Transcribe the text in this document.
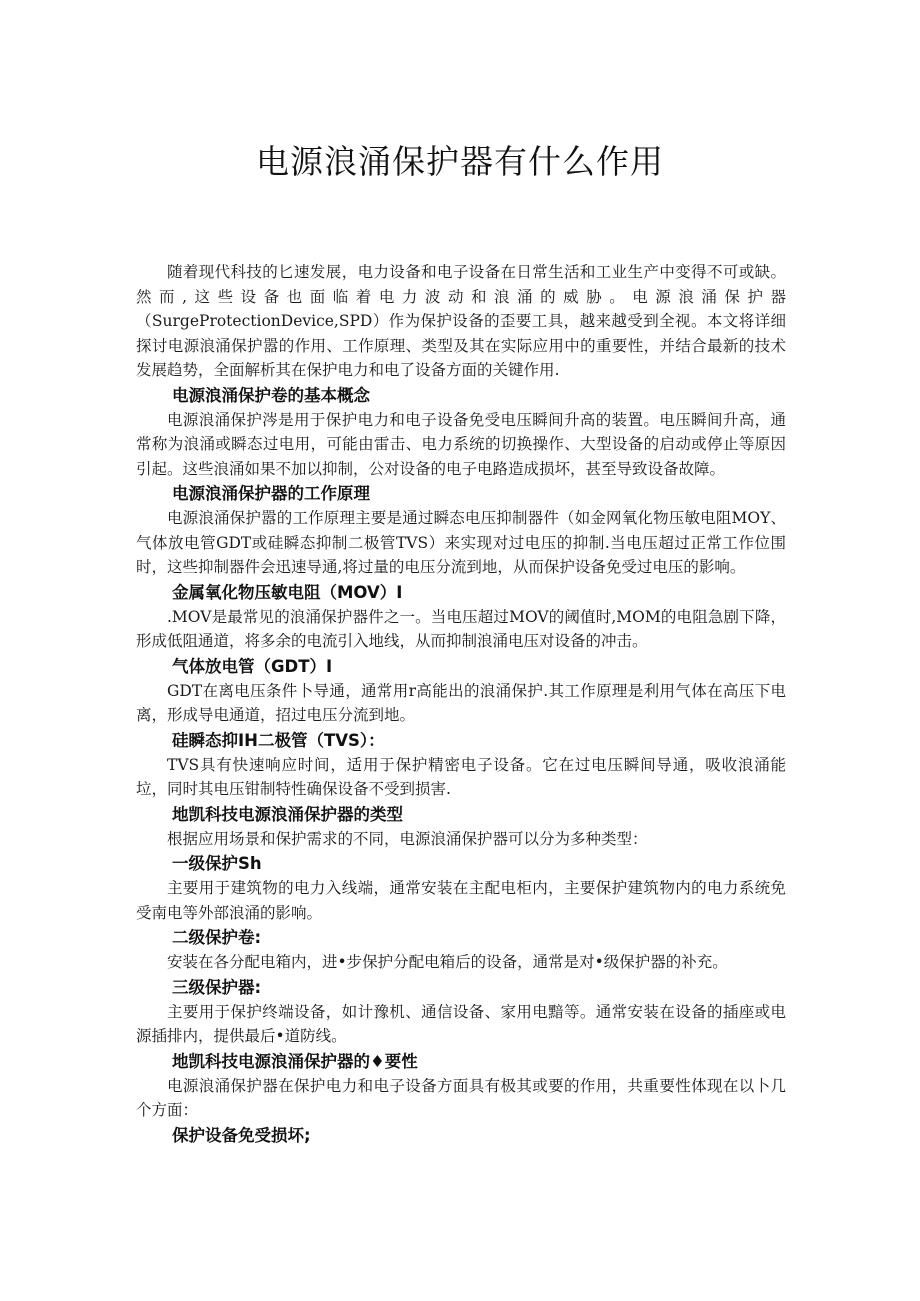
电源浪涌保护器有什么作用

随着现代科技的匕速发展，电力设备和电子设备在日常生活和工业生产中变得不可或缺。然而,这些设备也面临着电力波动和浪涌的威胁。电源浪涌保护器（SurgeProtectionDevice,SPD）作为保护设备的歪要工具，越来越受到全视。本文将详细探讨电源浪涌保护嚣的作用、工作原理、类型及其在实际应用中的重要性，并结合最新的技术发展趋势，全面解析其在保护电力和电了设备方面的关键作用.

电源浪涌保护卷的基本概念

电源浪涌保护涔是用于保护电力和电子设备免受电压瞬间升高的装置。电压瞬间升高，通常称为浪涌或瞬态过电用，可能由雷击、电力系统的切换操作、大型设备的启动或停止等原因引起。这些浪涌如果不加以抑制，公对设备的电子电路造成损坏，甚至导致设备故障。

电源浪涌保护器的工作原理

电源浪涌保护嚣的工作原理主要是通过瞬态电压抑制器件（如金网氧化物压敏电阻MOY、气体放电管GDT或硅瞬态抑制二极管TVS）来实现对过电压的抑制.当电压超过正常工作位围时，这些抑制器件会迅速导通,将过量的电压分流到地，从而保护设备免受过电压的影响。

金属氧化物压敏电阻（MOV）I

.MOV是最常见的浪涌保护器件之一。当电压超过MOV的阈值时,MOM的电阻急剧下降，形成低阻通道，将多余的电流引入地线，从而抑制浪涌电压对设备的冲击。

气体放电管（GDT）I

GDT在离电压条件卜导通，通常用r高能出的浪涌保护.其工作原理是利用气体在高压下电离，形成导电通道，招过电压分流到地。

硅瞬态抑IH二极管（TVS）：

TVS具有快速响应时间，适用于保护精密电子设备。它在过电压瞬间导通，吸收浪涌能垃，同时其电压钳制特性确保设备不受到损害.

地凯科技电源浪涌保护器的类型

根据应用场景和保护需求的不同，电源浪涌保护器可以分为多种类型：

一级保护Sh

主要用于建筑物的电力入线端，通常安装在主配电柜内，主要保护建筑物内的电力系统免受南电等外部浪涌的影响。

二级保护卷:

安装在各分配电箱内，进•步保护分配电箱后的设备，通常是对•级保护器的补充。

三级保护器:

主要用于保护终端设备，如计豫机、通信设备、家用电黯等。通常安装在设备的插座或电源插排内，提供最后•道防线。

地凯科技电源浪涌保护器的♦要性

电源浪涌保护器在保护电力和电子设备方面具有极其或要的作用，共重要性体现在以卜几个方面：

保护设备免受损坏;
